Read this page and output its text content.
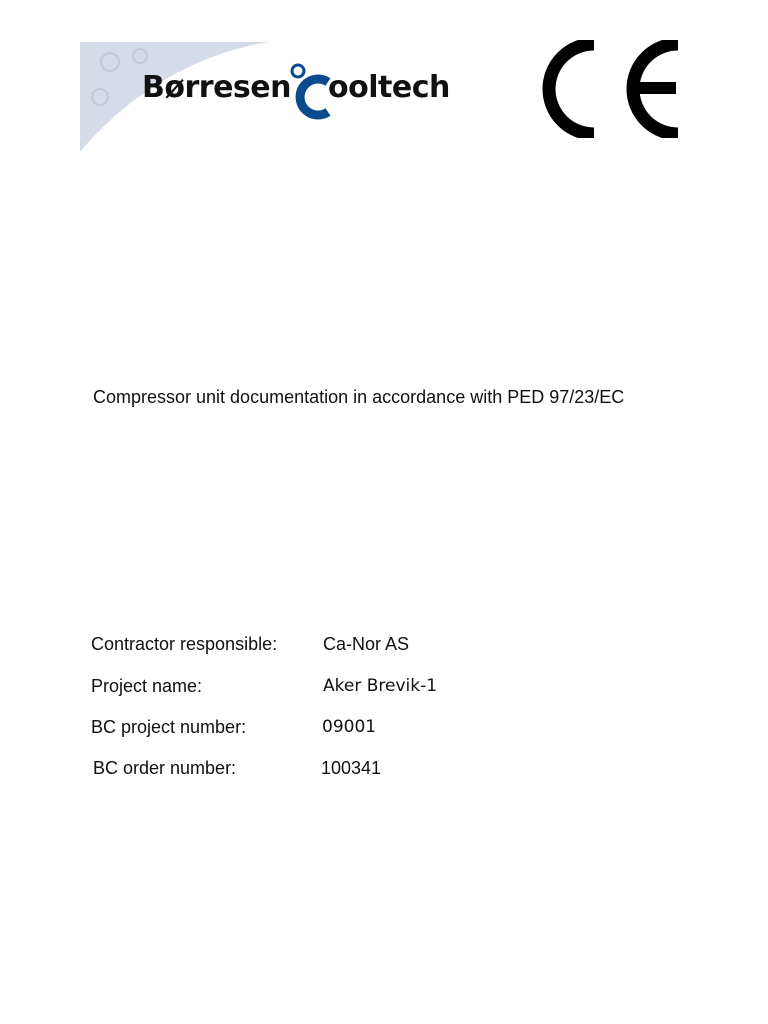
Børresen ooltech
Compressor unit documentation in accordance with PED 97/23/EC
Contractor responsible:	Ca-Nor AS
Project name:	Aker Brevik-1
BC project number:	09001
BC order number:	100341
